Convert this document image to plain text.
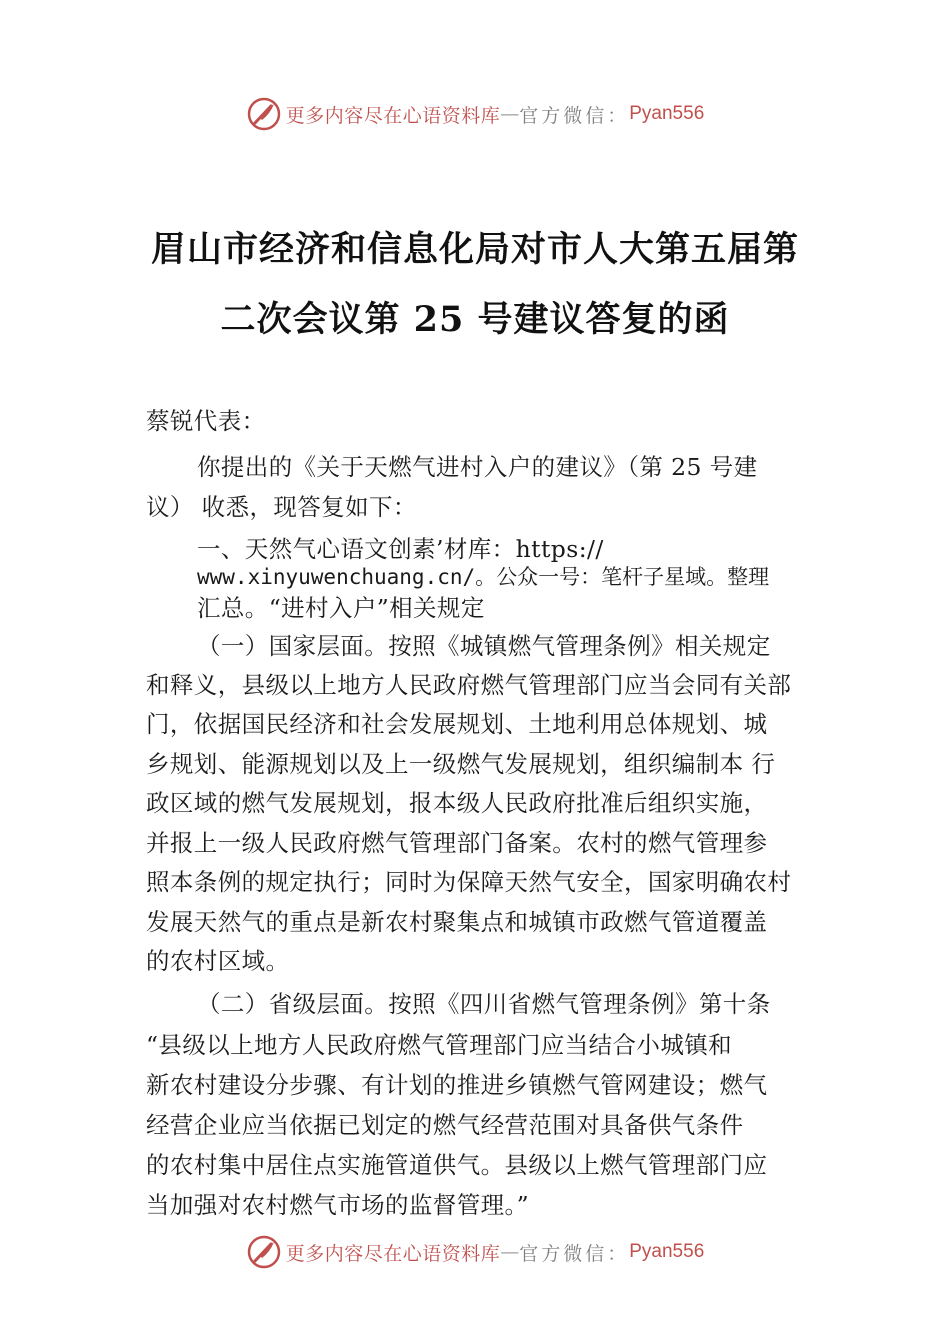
更多内容尽在心语资料库 — 官方微信： Pyan556
眉山市经济和信息化局对市人大第五届第
二次会议第 25 号建议答复的函
蔡锐代表：
你提出的《关于天燃气进村入户的建议》（第 25 号建
议） 收悉，现答复如下：
一、天然气心语文创素’材库：https://
www.xinyuwenchuang.cn/。公众一号：笔杆子星域。整理
汇总。“进村入户”相关规定
（一）国家层面。按照《城镇燃气管理条例》相关规定
和释义，县级以上地方人民政府燃气管理部门应当会同有关部
门，依据国民经济和社会发展规划、土地利用总体规划、城
乡规划、能源规划以及上一级燃气发展规划，组织编制本 行
政区域的燃气发展规划，报本级人民政府批准后组织实施，
并报上一级人民政府燃气管理部门备案。农村的燃气管理参
照本条例的规定执行；同时为保障天然气安全，国家明确农村
发展天然气的重点是新农村聚集点和城镇市政燃气管道覆盖
的农村区域。
（二）省级层面。按照《四川省燃气管理条例》第十条
“县级以上地方人民政府燃气管理部门应当结合小城镇和
新农村建设分步骤、有计划的推进乡镇燃气管网建设；燃气
经营企业应当依据已划定的燃气经营范围对具备供气条件
的农村集中居住点实施管道供气。县级以上燃气管理部门应
当加强对农村燃气市场的监督管理。”
更多内容尽在心语资料库 — 官方微信： Pyan556
